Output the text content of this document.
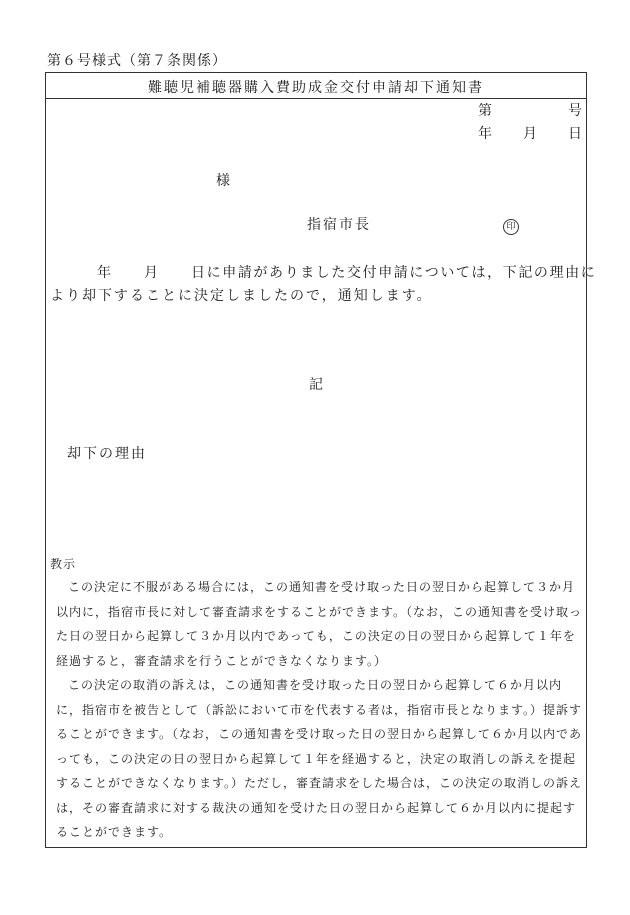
第６号様式（第７条関係）
難聴児補聴器購入費助成金交付申請却下通知書
第	号
年 月 日
様
指宿市長	印
年 月 日に申請がありました交付申請については，下記の理由に
より却下することに決定しましたので，通知します。
記
却下の理由
教示

この決定に不服がある場合には，この通知書を受け取った日の翌日から起算して３か月以内に，指宿市長に対して審査請求をすることができます。（なお，この通知書を受け取った日の翌日から起算して３か月以内であっても，この決定の日の翌日から起算して１年を経過すると，審査請求を行うことができなくなります。）

この決定の取消の訴えは，この通知書を受け取った日の翌日から起算して６か月以内に，指宿市を被告として（訴訟において市を代表する者は，指宿市長となります。）提訴することができます。（なお，この通知書を受け取った日の翌日から起算して６か月以内であっても，この決定の日の翌日から起算して１年を経過すると，決定の取消しの訴えを提起することができなくなります。）ただし，審査請求をした場合は，この決定の取消しの訴えは，その審査請求に対する裁決の通知を受けた日の翌日から起算して６か月以内に提起することができます。
